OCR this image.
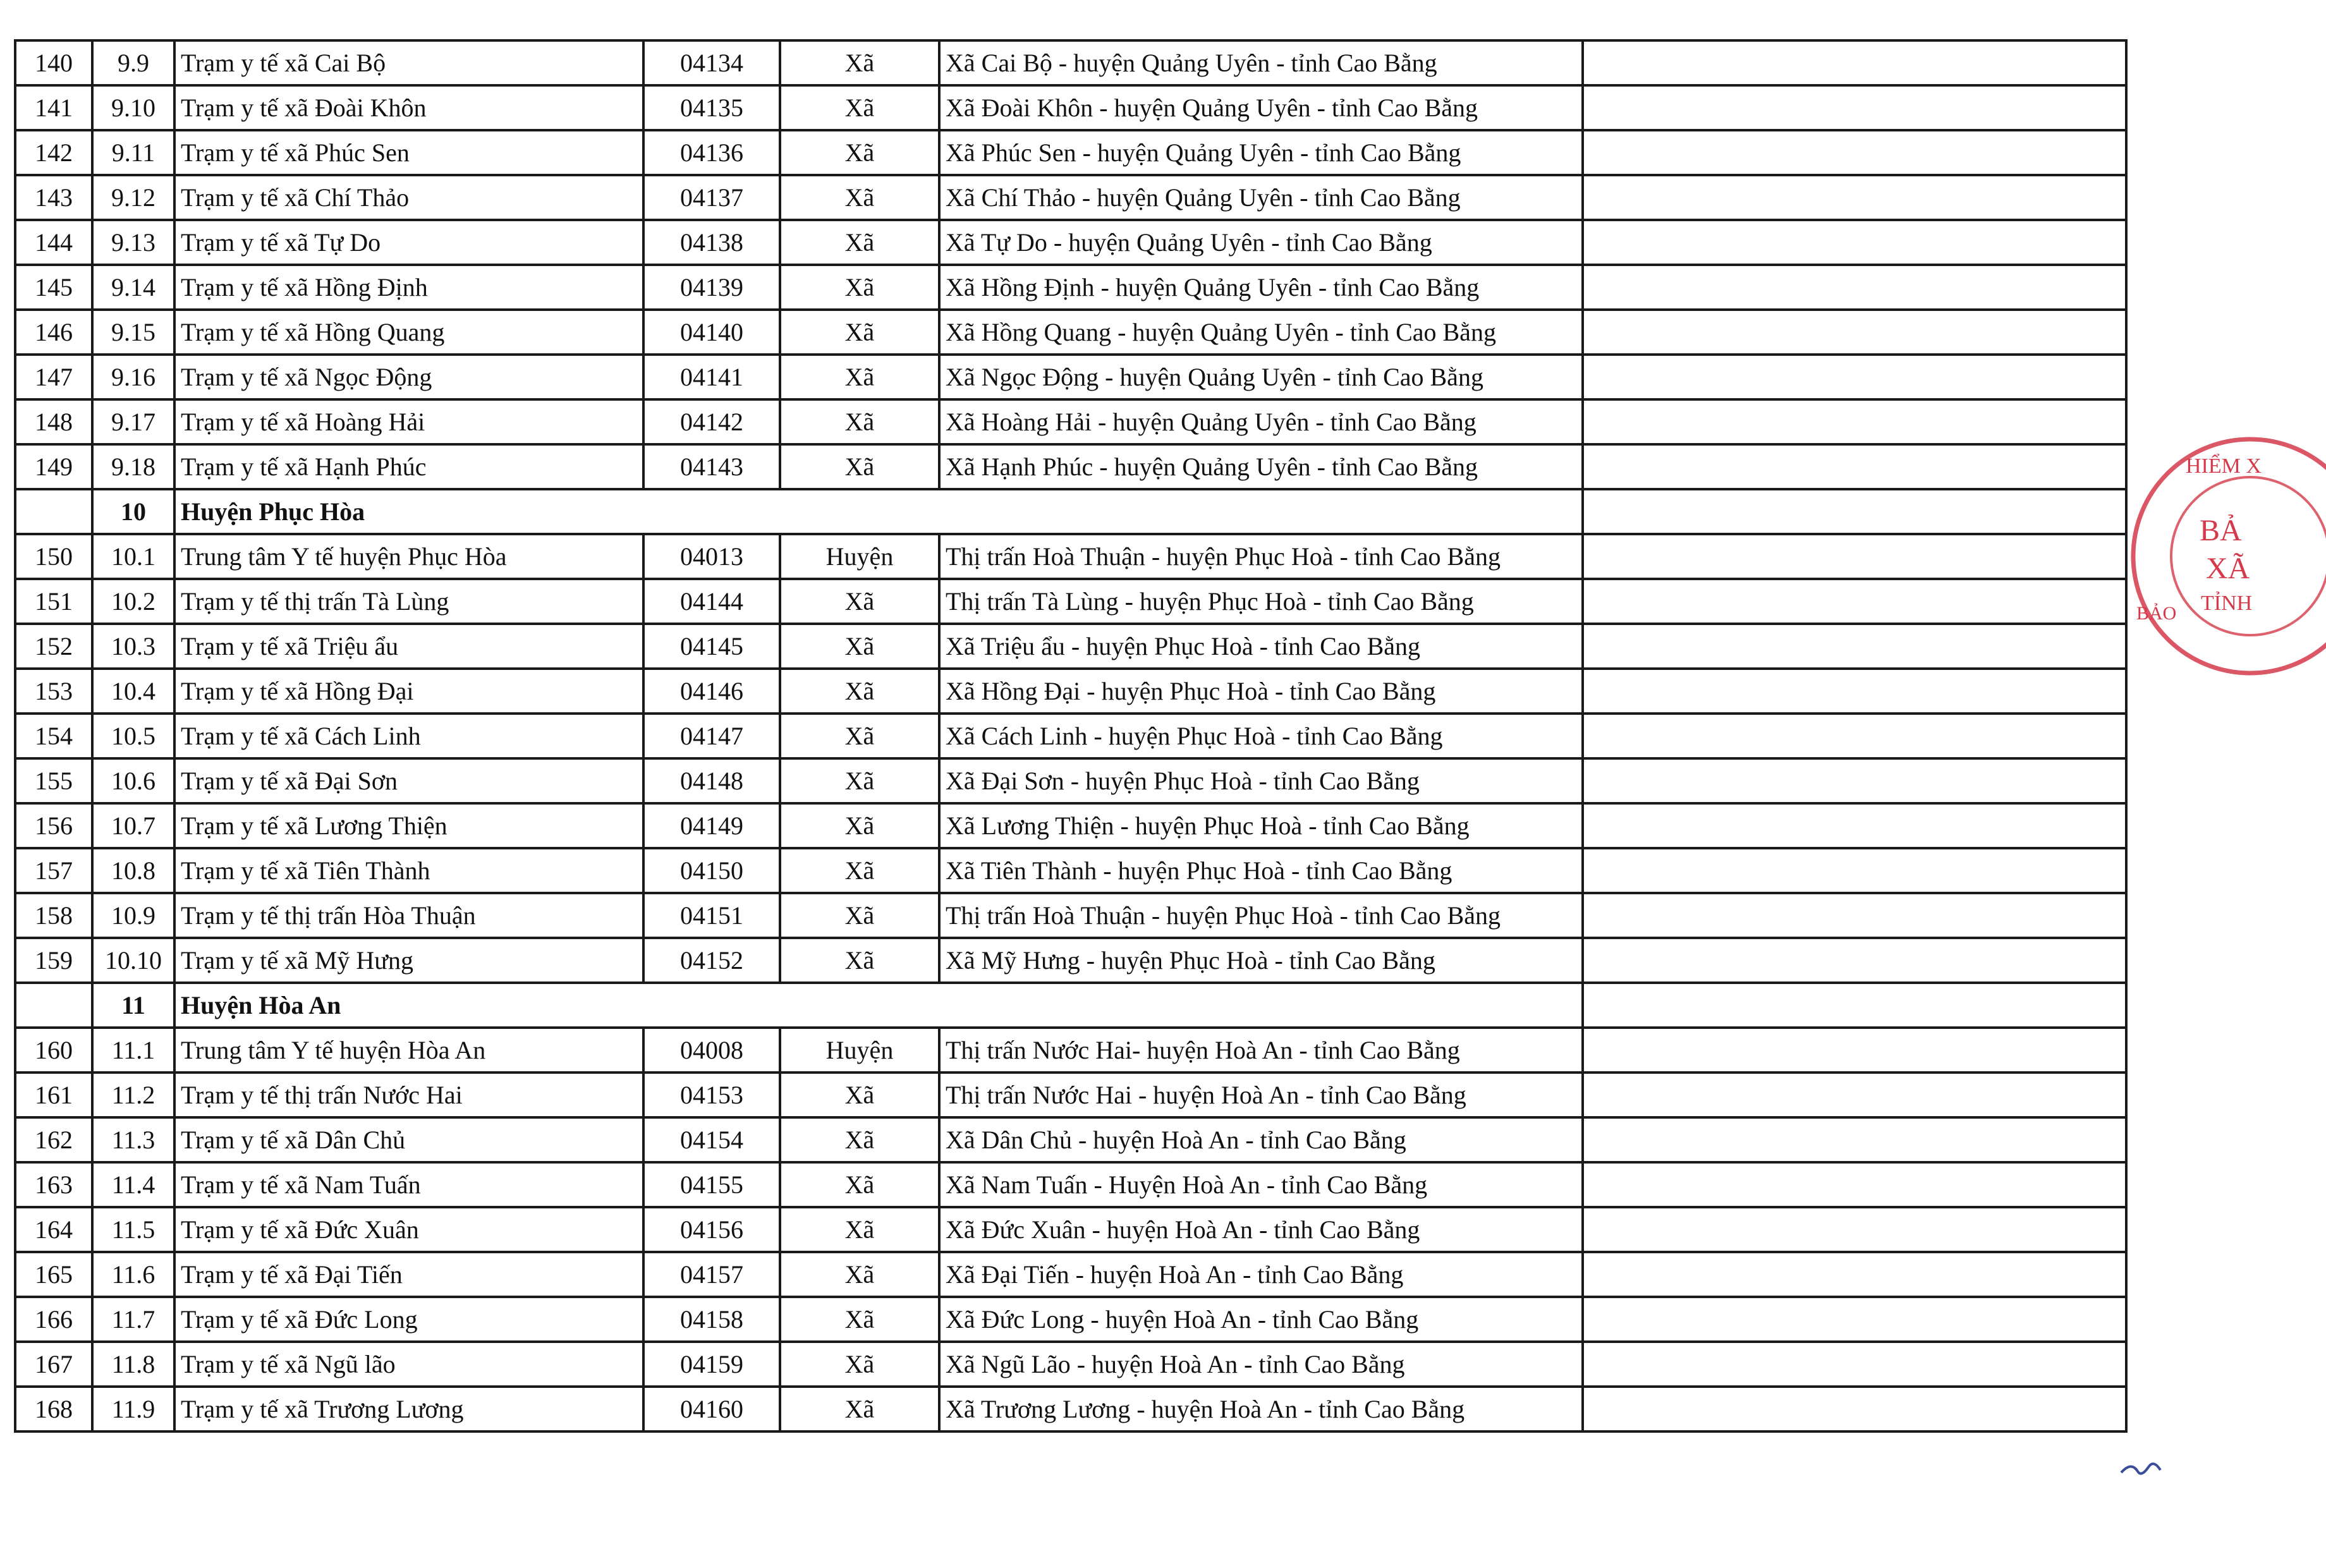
140	9.9	Trạm y tế xã Cai Bộ	04134	Xã	Xã Cai Bộ - huyện Quảng Uyên - tỉnh Cao Bằng	
141	9.10	Trạm y tế xã Đoài Khôn	04135	Xã	Xã Đoài Khôn - huyện Quảng Uyên - tỉnh Cao Bằng	
142	9.11	Trạm y tế xã Phúc Sen	04136	Xã	Xã Phúc Sen - huyện Quảng Uyên - tỉnh Cao Bằng	
143	9.12	Trạm y tế xã Chí Thảo	04137	Xã	Xã Chí Thảo - huyện Quảng Uyên - tỉnh Cao Bằng	
144	9.13	Trạm y tế xã Tự Do	04138	Xã	Xã Tự Do - huyện Quảng Uyên - tỉnh Cao Bằng	
145	9.14	Trạm y tế xã Hồng Định	04139	Xã	Xã Hồng Định - huyện Quảng Uyên - tỉnh Cao Bằng	
146	9.15	Trạm y tế xã Hồng Quang	04140	Xã	Xã Hồng Quang - huyện Quảng Uyên - tỉnh Cao Bằng	
147	9.16	Trạm y tế xã Ngọc Động	04141	Xã	Xã Ngọc Động - huyện Quảng Uyên - tỉnh Cao Bằng	
148	9.17	Trạm y tế xã Hoàng Hải	04142	Xã	Xã Hoàng Hải - huyện Quảng Uyên - tỉnh Cao Bằng	
149	9.18	Trạm y tế xã Hạnh Phúc	04143	Xã	Xã Hạnh Phúc - huyện Quảng Uyên - tỉnh Cao Bằng	
	10	Huyện Phục Hòa				
150	10.1	Trung tâm Y tế huyện Phục Hòa	04013	Huyện	Thị trấn Hoà Thuận - huyện Phục Hoà - tỉnh Cao Bằng	
151	10.2	Trạm y tế thị trấn Tà Lùng	04144	Xã	Thị trấn Tà Lùng - huyện Phục Hoà - tỉnh Cao Bằng	
152	10.3	Trạm y tế xã Triệu ẩu	04145	Xã	Xã Triệu ẩu - huyện Phục Hoà - tỉnh Cao Bằng	
153	10.4	Trạm y tế xã Hồng Đại	04146	Xã	Xã Hồng Đại - huyện Phục Hoà - tỉnh Cao Bằng	
154	10.5	Trạm y tế xã Cách Linh	04147	Xã	Xã Cách Linh - huyện Phục Hoà - tỉnh Cao Bằng	
155	10.6	Trạm y tế xã Đại Sơn	04148	Xã	Xã Đại Sơn - huyện Phục Hoà - tỉnh Cao Bằng	
156	10.7	Trạm y tế xã Lương Thiện	04149	Xã	Xã Lương Thiện - huyện Phục Hoà - tỉnh Cao Bằng	
157	10.8	Trạm y tế xã Tiên Thành	04150	Xã	Xã Tiên Thành - huyện Phục Hoà - tỉnh Cao Bằng	
158	10.9	Trạm y tế thị trấn Hòa Thuận	04151	Xã	Thị trấn Hoà Thuận - huyện Phục Hoà - tỉnh Cao Bằng	
159	10.10	Trạm y tế xã Mỹ Hưng	04152	Xã	Xã Mỹ Hưng - huyện Phục Hoà - tỉnh Cao Bằng	
	11	Huyện Hòa An				
160	11.1	Trung tâm Y tế huyện Hòa An	04008	Huyện	Thị trấn Nước Hai- huyện Hoà An - tỉnh Cao Bằng	
161	11.2	Trạm y tế thị trấn Nước Hai	04153	Xã	Thị trấn Nước Hai - huyện Hoà An - tỉnh Cao Bằng	
162	11.3	Trạm y tế xã Dân Chủ	04154	Xã	Xã Dân Chủ - huyện Hoà An - tỉnh Cao Bằng	
163	11.4	Trạm y tế xã Nam Tuấn	04155	Xã	Xã Nam Tuấn - Huyện Hoà An - tỉnh Cao Bằng	
164	11.5	Trạm y tế xã Đức Xuân	04156	Xã	Xã Đức Xuân - huyện Hoà An - tỉnh Cao Bằng	
165	11.6	Trạm y tế xã Đại Tiến	04157	Xã	Xã Đại Tiến - huyện Hoà An - tỉnh Cao Bằng	
166	11.7	Trạm y tế xã Đức Long	04158	Xã	Xã Đức Long - huyện Hoà An - tỉnh Cao Bằng	
167	11.8	Trạm y tế xã Ngũ lão	04159	Xã	Xã Ngũ Lão - huyện Hoà An - tỉnh Cao Bằng	
168	11.9	Trạm y tế xã Trương Lương	04160	Xã	Xã Trương Lương - huyện Hoà An - tỉnh Cao Bằng	
HIỂM X
BẢ
XÃ
TỈNH
BẢO
